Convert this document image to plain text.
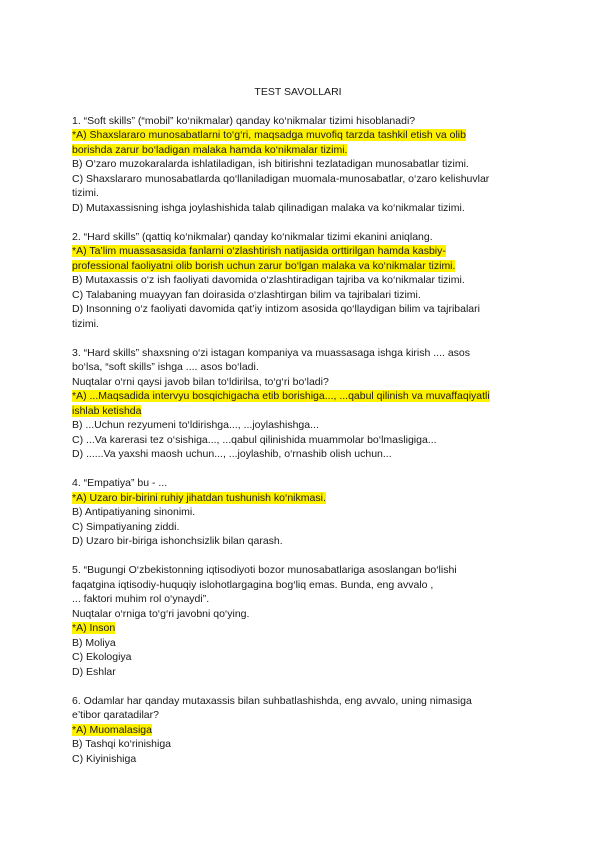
TEST SAVOLLARI

1. “Soft skills” (“mobil” ko‘nikmalar) qanday ko‘nikmalar tizimi hisoblanadi?

*A) Shaxslararo munosabatlarni to‘g‘ri, maqsadga muvofiq tarzda tashkil etish va olib borishda zarur bo‘ladigan malaka hamda ko‘nikmalar tizimi.

B) O‘zaro muzokaralarda ishlatiladigan, ish bitirishni tezlatadigan munosabatlar tizimi.

C) Shaxslararo munosabatlarda qo‘llaniladigan muomala-munosabatlar, o‘zaro kelishuvlar tizimi.

D) Mutaxassisning ishga joylashishida talab qilinadigan malaka va ko‘nikmalar tizimi.

2. “Hard skills” (qattiq ko‘nikmalar) qanday ko‘nikmalar tizimi ekanini aniqlang.

*A) Ta’lim muassasasida fanlarni o‘zlashtirish natijasida orttirilgan hamda kasbiy-professional faoliyatni olib borish uchun zarur bo‘lgan malaka va ko‘nikmalar tizimi.

B) Mutaxassis o‘z ish faoliyati davomida o‘zlashtiradigan tajriba va ko‘nikmalar tizimi.

C) Talabaning muayyan fan doirasida o‘zlashtirgan bilim va tajribalari tizimi.

D) Insonning o‘z faoliyati davomida qat’iy intizom asosida qo‘llaydigan bilim va tajribalari tizimi.

3. “Hard skills” shaxsning o‘zi istagan kompaniya va muassasaga ishga kirish .... asos bo‘lsa, “soft skills” ishga .... asos bo‘ladi.

Nuqtalar o‘rni qaysi javob bilan to‘ldirilsa, to‘g‘ri bo‘ladi?

*A) ...Maqsadida intervyu bosqichigacha etib borishiga..., ...qabul qilinish va muvaffaqiyatli ishlab ketishda

B) ...Uchun rezyumeni to‘ldirishga..., ...joylashishga...

C) ...Va karerasi tez o‘sishiga..., ...qabul qilinishida muammolar bo‘lmasligiga...

D) ......Va yaxshi maosh uchun..., ...joylashib, o‘rnashib olish uchun...

4. “Empatiya” bu - ...

*A) Uzaro bir-birini ruhiy jihatdan tushunish ko‘nikmasi.

B) Antipatiyaning sinonimi.

C) Simpatiyaning ziddi.

D) Uzaro bir-biriga ishonchsizlik bilan qarash.

5. “Bugungi O‘zbekistonning iqtisodiyoti bozor munosabatlariga asoslangan bo‘lishi faqatgina iqtisodiy-huquqiy islohotlargagina bog‘liq emas. Bunda, eng avvalo ,                    ... faktori muhim rol o‘ynaydi”.

Nuqtalar o‘rniga to‘g‘ri javobni qo‘ying.

*A) Inson

B) Moliya

C) Ekologiya

D) Eshlar

6. Odamlar har qanday mutaxassis bilan suhbatlashishda, eng avvalo, uning nimasiga e’tibor qaratadilar?

*A) Muomalasiga

B) Tashqi ko‘rinishiga

C) Kiyinishiga
